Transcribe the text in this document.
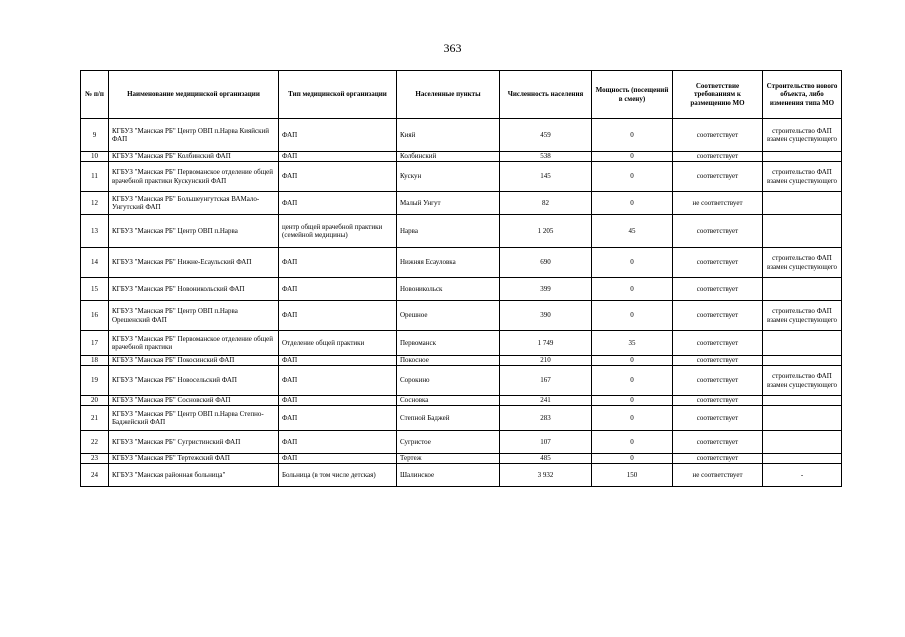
363
№ п/п	Наименование медицинской организации	Тип медицинской организации	Населенные пункты	Численность населения	Мощность (посещений в смену)	Соответствие требованиям к размещению МО	Строительство нового объекта, либо изменения типа МО
9	КГБУЗ "Манская РБ" Центр ОВП п.Нарва Кияйский ФАП	ФАП	Кияй	459	0	соответствует	строительство ФАП взамен существующего
10	КГБУЗ "Манская РБ" Колбинский ФАП	ФАП	Колбинский	538	0	соответствует	
11	КГБУЗ "Манская РБ" Первоманское отделение общей врачебной практики Кускунский ФАП	ФАП	Кускун	145	0	соответствует	строительство ФАП взамен существующего
12	КГБУЗ "Манская РБ" Большеунгутская ВАМало-Унгутский ФАП	ФАП	Малый Унгут	82	0	не соответствует	
13	КГБУЗ "Манская РБ" Центр ОВП п.Нарва	центр общей врачебной практики (семейной медицины)	Нарва	1 205	45	соответствует	
14	КГБУЗ "Манская РБ" Нижне-Есаульский ФАП	ФАП	Нижняя Есауловка	690	0	соответствует	строительство ФАП взамен существующего
15	КГБУЗ "Манская РБ" Новоникольский ФАП	ФАП	Новоникольск	399	0	соответствует	
16	КГБУЗ "Манская РБ" Центр ОВП п.Нарва Орешенский ФАП	ФАП	Орешное	390	0	соответствует	строительство ФАП взамен существующего
17	КГБУЗ "Манская РБ" Первоманское отделение общей врачебной практики	Отделение общей практики	Первоманск	1 749	35	соответствует	
18	КГБУЗ "Манская РБ" Покосинский ФАП	ФАП	Покосное	210	0	соответствует	
19	КГБУЗ "Манская РБ" Новосельский ФАП	ФАП	Сорокино	167	0	соответствует	строительство ФАП взамен существующего
20	КГБУЗ "Манская РБ" Сосновский ФАП	ФАП	Сосновка	241	0	соответствует	
21	КГБУЗ "Манская РБ" Центр ОВП п.Нарва Степно-Баджейский ФАП	ФАП	Степной Баджей	283	0	соответствует	
22	КГБУЗ "Манская РБ" Сугристинский ФАП	ФАП	Сугристое	107	0	соответствует	
23	КГБУЗ "Манская РБ" Тертежский ФАП	ФАП	Тертеж	485	0	соответствует	
24	КГБУЗ "Манская районная больница"	Больница (в том числе детская)	Шалинское	3 932	150	не соответствует	-
